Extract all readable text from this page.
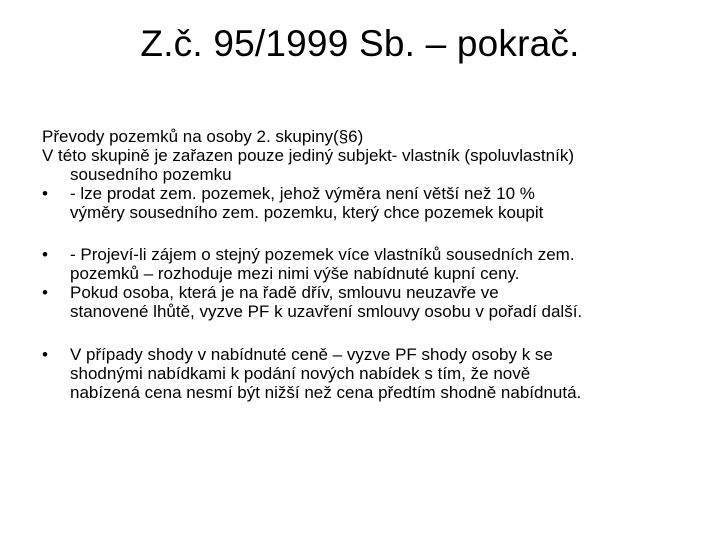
Z.č. 95/1999 Sb. – pokrač.
Převody pozemků na osoby 2. skupiny(§6)
V této skupině je zařazen pouze jediný subjekt- vlastník (spoluvlastník)
sousedního pozemku
• - lze prodat zem. pozemek, jehož výměra není větší než 10 %
výměry sousedního zem. pozemku, který chce pozemek koupit
• - Projeví-li zájem o stejný pozemek více vlastníků sousedních zem.
pozemků – rozhoduje mezi nimi výše nabídnuté kupní ceny.
• Pokud osoba, která je na řadě dřív, smlouvu neuzavře ve
stanovené lhůtě, vyzve PF k uzavření smlouvy osobu v pořadí další.
• V případy shody v nabídnuté ceně – vyzve PF shody osoby k se
shodnými nabídkami k podání nových nabídek s tím, že nově
nabízená cena nesmí být nižší než cena předtím shodně nabídnutá.
